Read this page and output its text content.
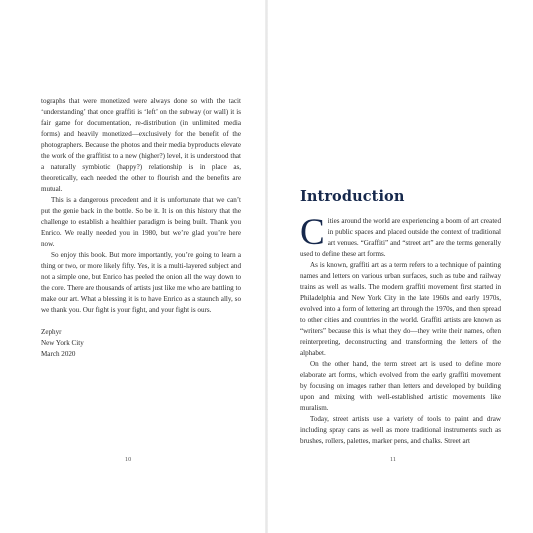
tographs that were monetized were always done so with the tacit ‘understanding’ that once graffiti is ‘left’ on the subway (or wall) it is fair game for documentation, re-distribution (in unlimited media forms) and heavily monetized—exclusively for the benefit of the photographers. Because the photos and their media byproducts elevate the work of the graffitist to a new (higher?) level, it is understood that a naturally symbiotic (happy?) relationship is in place as, theoretically, each needed the other to flourish and the benefits are mutual.

This is a dangerous precedent and it is unfortunate that we can’t put the genie back in the bottle. So be it. It is on this history that the challenge to establish a healthier paradigm is being built. Thank you Enrico. We really needed you in 1980, but we’re glad you’re here now.

So enjoy this book. But more importantly, you’re going to learn a thing or two, or more likely fifty. Yes, it is a multi-layered subject and not a simple one, but Enrico has peeled the onion all the way down to the core. There are thousands of artists just like me who are battling to make our art. What a blessing it is to have Enrico as a staunch ally, so we thank you. Our fight is your fight, and your fight is ours.

Zephyr
New York City
March 2020
10
Introduction

Cities around the world are experiencing a boom of art created in public spaces and placed outside the context of traditional art venues. “Graffiti” and “street art” are the terms generally used to define these art forms.

As is known, graffiti art as a term refers to a technique of painting names and letters on various urban surfaces, such as tube and railway trains as well as walls. The modern graffiti movement first started in Philadelphia and New York City in the late 1960s and early 1970s, evolved into a form of lettering art through the 1970s, and then spread to other cities and countries in the world. Graffiti artists are known as “writers” because this is what they do—they write their names, often reinterpreting, deconstructing and transforming the letters of the alphabet.

On the other hand, the term street art is used to define more elaborate art forms, which evolved from the early graffiti movement by focusing on images rather than letters and developed by building upon and mixing with well-established artistic movements like muralism.

Today, street artists use a variety of tools to paint and draw including spray cans as well as more traditional instruments such as brushes, rollers, palettes, marker pens, and chalks. Street art

11
